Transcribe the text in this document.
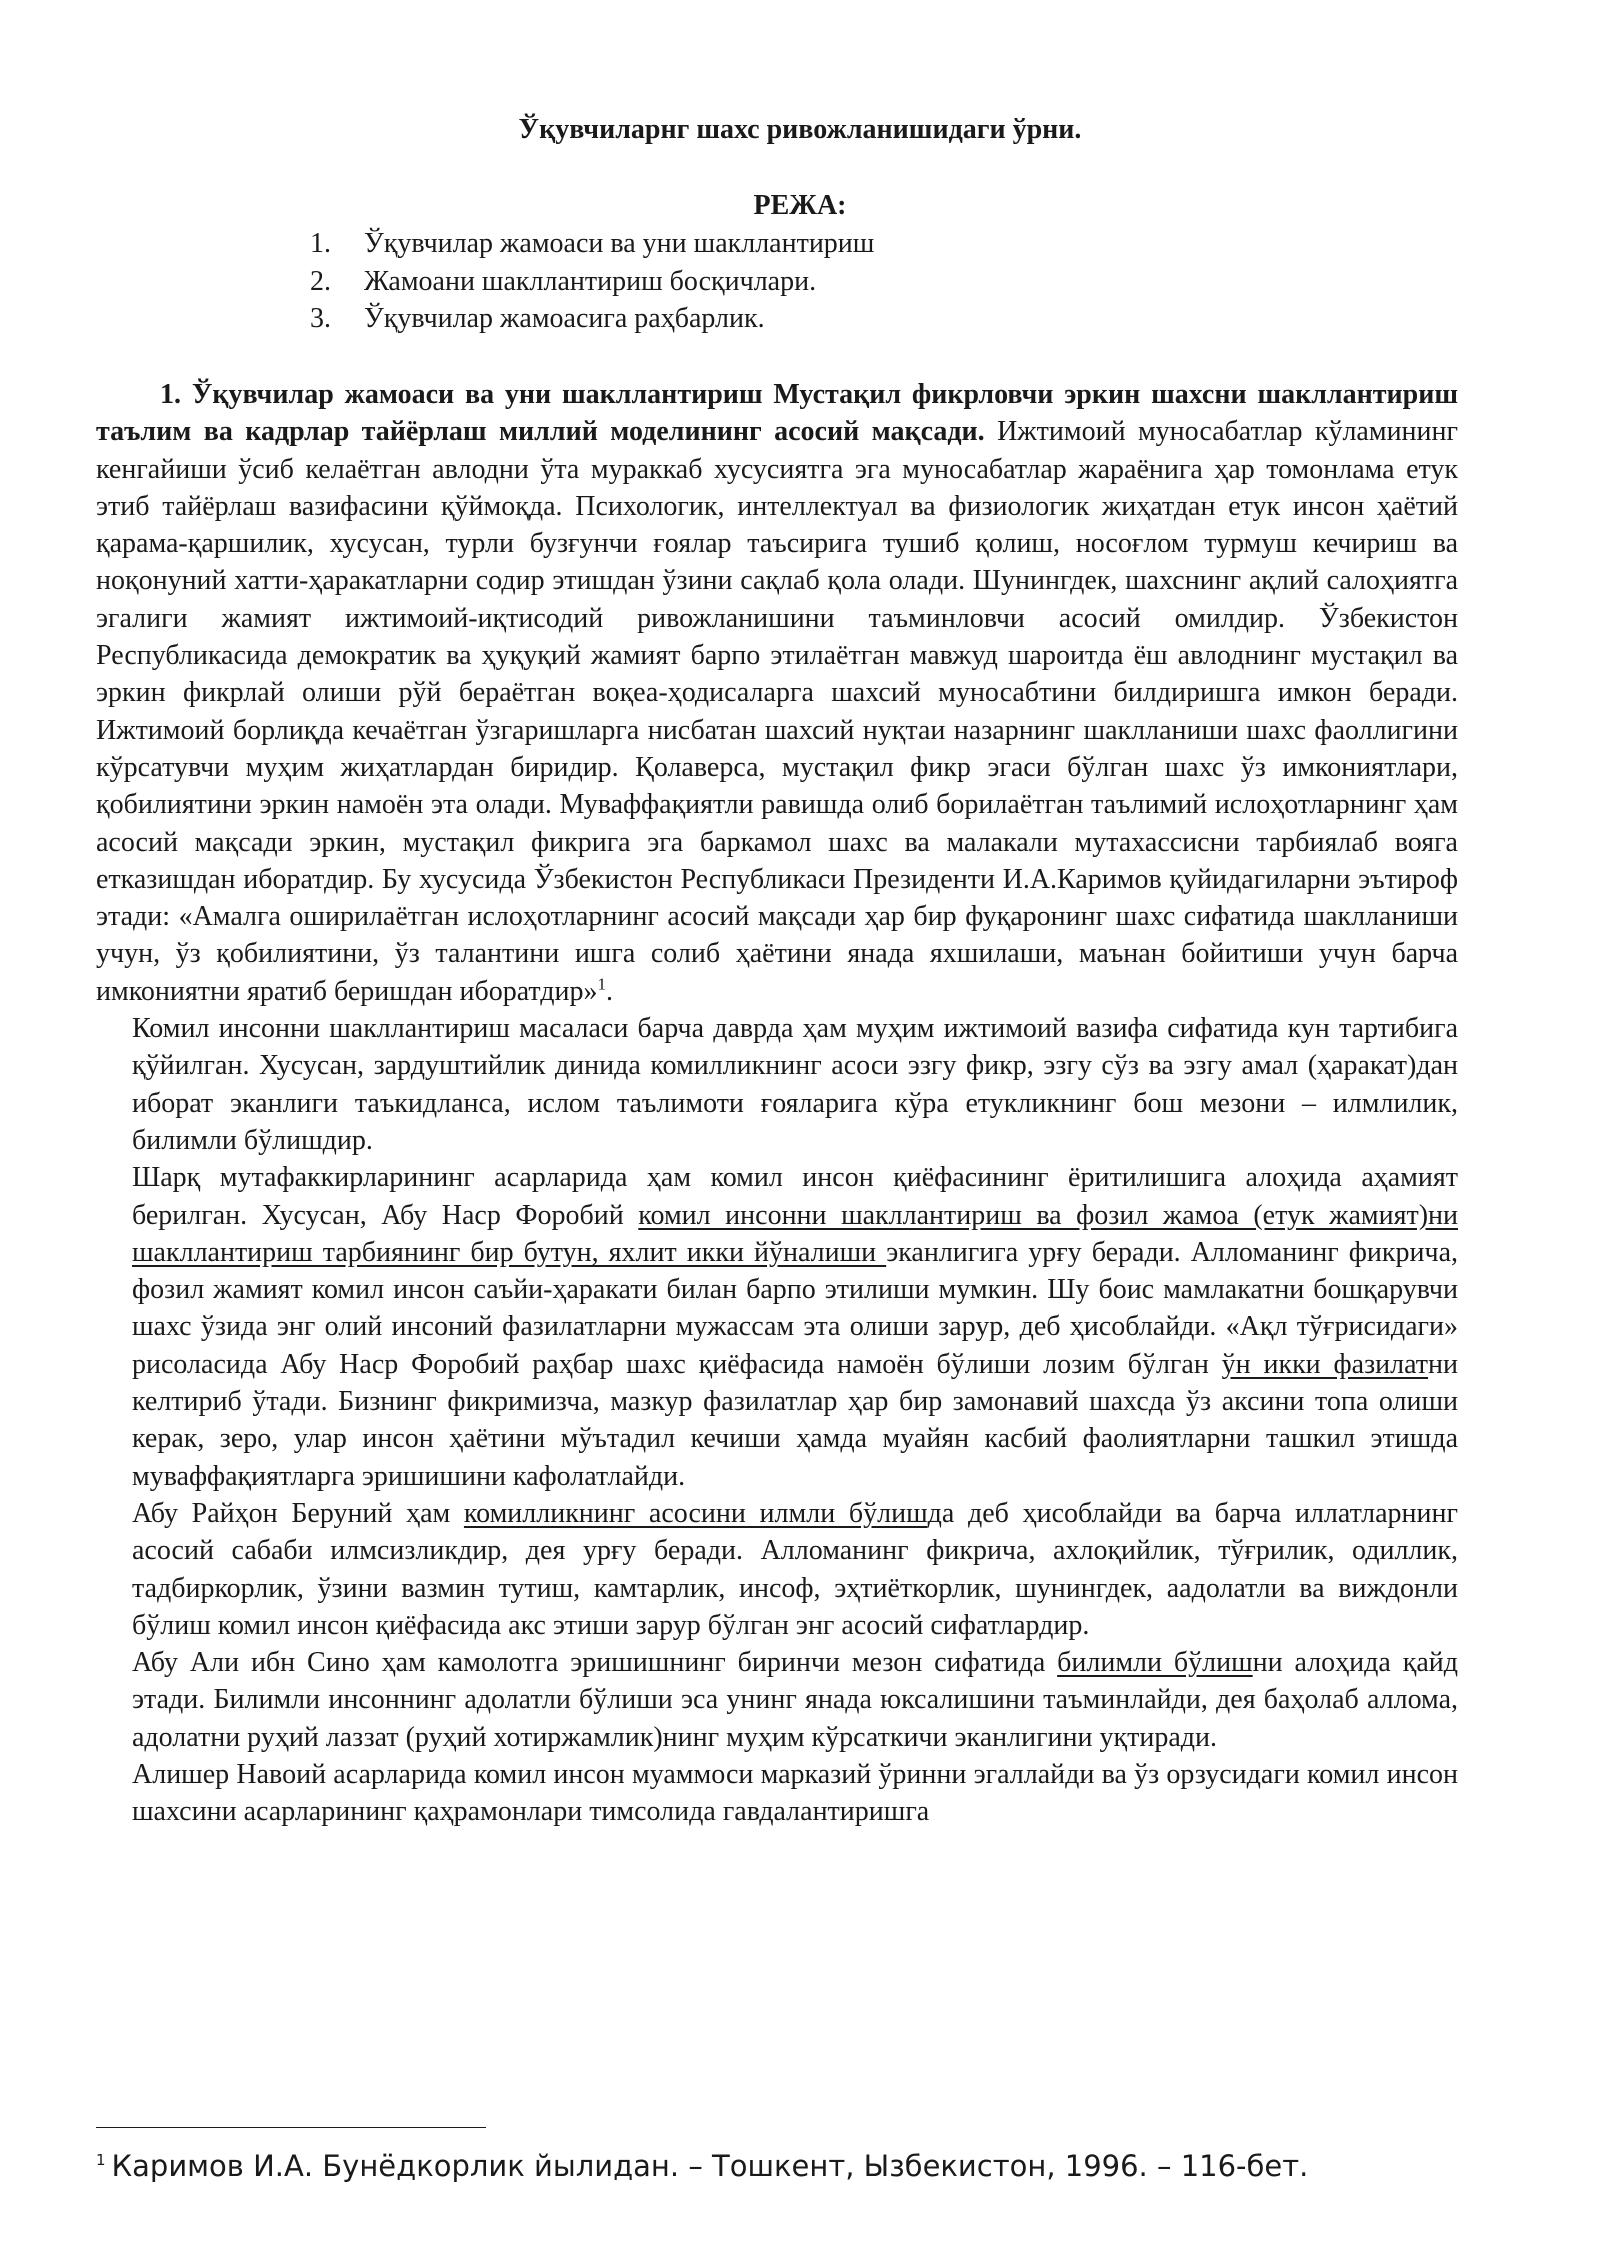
Ўқувчиларнг шахс ривожланишидаги ўрни.
РЕЖА:
1.	Ўқувчилар жамоаси ва уни шакллантириш
2.	Жамоани шакллантириш босқичлари.
3.	Ўқувчилар жамоасига раҳбарлик.

1. Ўқувчилар жамоаси ва уни шакллантириш Мустақил фикрловчи эркин шахсни шакллантириш таълим ва кадрлар тайёрлаш миллий моделининг асосий мақсади. Ижтимоий муносабатлар кўламининг кенгайиши ўсиб келаётган авлодни ўта мураккаб хусусиятга эга муносабатлар жараёнига ҳар томонлама етук этиб тайёрлаш вазифасини қўймоқда. Психологик, интеллектуал ва физиологик жиҳатдан етук инсон ҳаётий қарама-қаршилик, хусусан, турли бузғунчи ғоялар таъсирига тушиб қолиш, носоғлом турмуш кечириш ва ноқонуний хатти-ҳаракатларни содир этишдан ўзини сақлаб қола олади. Шунингдек, шахснинг ақлий салоҳиятга эгалиги жамият ижтимоий-иқтисодий ривожланишини таъминловчи асосий омилдир. Ўзбекистон Республикасида демократик ва ҳуқуқий жамият барпо этилаётган мавжуд шароитда ёш авлоднинг мустақил ва эркин фикрлай олиши рўй бераётган воқеа-ҳодисаларга шахсий муносабтини билдиришга имкон беради. Ижтимоий борлиқда кечаётган ўзгаришларга нисбатан шахсий нуқтаи назарнинг шаклланиши шахс фаоллигини кўрсатувчи муҳим жиҳатлардан биридир. Қолаверса, мустақил фикр эгаси бўлган шахс ўз имкониятлари, қобилиятини эркин намоён эта олади. Муваффақиятли равишда олиб борилаётган таълимий ислоҳотларнинг ҳам асосий мақсади эркин, мустақил фикрига эга баркамол шахс ва малакали мутахассисни тарбиялаб вояга етказишдан иборатдир. Бу хусусида Ўзбекистон Республикаси Президенти И.А.Каримов қуйидагиларни эътироф этади: «Амалга оширилаётган ислоҳотларнинг асосий мақсади ҳар бир фуқаронинг шахс сифатида шаклланиши учун, ўз қобилиятини, ўз талантини ишга солиб ҳаётини янада яхшилаши, маънан бойитиши учун барча имкониятни яратиб беришдан иборатдир»$^1$.

Комил инсонни шакллантириш масаласи барча даврда ҳам муҳим ижтимоий вазифа сифатида кун тартибига қўйилган. Хусусан, зардуштийлик динида комилликнинг асоси эзгу фикр, эзгу сўз ва эзгу амал (ҳаракат)дан иборат эканлиги таъкидланса, ислом таълимоти ғояларига кўра етукликнинг бош мезони – илмлилик, билимли бўлишдир.

Шарқ мутафаккирларининг асарларида ҳам комил инсон қиёфасининг ёритилишига алоҳида аҳамият берилган. Хусусан, Абу Наср Форобий комил инсонни шакллантириш ва фозил жамоа (етук жамият)ни шакллантириш тарбиянинг бир бутун, яхлит икки йўналиши эканлигига урғу беради. Алломанинг фикрича, фозил жамият комил инсон саъйи-ҳаракати билан барпо этилиши мумкин. Шу боис мамлакатни бошқарувчи шахс ўзида энг олий инсоний фазилатларни мужассам эта олиши зарур, деб ҳисоблайди. «Ақл тўғрисидаги» рисоласида Абу Наср Форобий раҳбар шахс қиёфасида намоён бўлиши лозим бўлган ўн икки фазилатни келтириб ўтади. Бизнинг фикримизча, мазкур фазилатлар ҳар бир замонавий шахсда ўз аксини топа олиши керак, зеро, улар инсон ҳаётини мўътадил кечиши ҳамда муайян касбий фаолиятларни ташкил этишда муваффақиятларга эришишини кафолатлайди.

Абу Райҳон Беруний ҳам комилликнинг асосини илмли бўлишда деб ҳисоблайди ва барча иллатларнинг асосий сабаби илмсизликдир, дея урғу беради. Алломанинг фикрича, ахлоқийлик, тўғрилик, одиллик, тадбиркорлик, ўзини вазмин тутиш, камтарлик, инсоф, эҳтиёткорлик, шунингдек, аадолатли ва виждонли бўлиш комил инсон қиёфасида акс этиши зарур бўлган энг асосий сифатлардир.

Абу Али ибн Сино ҳам камолотга эришишнинг биринчи мезон сифатида билимли бўлишни алоҳида қайд этади. Билимли инсоннинг адолатли бўлиши эса унинг янада юксалишини таъминлайди, дея баҳолаб аллома, адолатни руҳий лаззат (руҳий хотиржамлик)нинг муҳим кўрсаткичи эканлигини уқтиради.

Алишер Навоий асарларида комил инсон муаммоси марказий ўринни эгаллайди ва ўз орзусидаги комил инсон шахсини асарларининг қаҳрамонлари тимсолида гавдалантиришга

$^1$ Каримов И.А. Бунёдкорлик йылидан. – Тошкент, Ызбекистон, 1996. – 116-бет.
